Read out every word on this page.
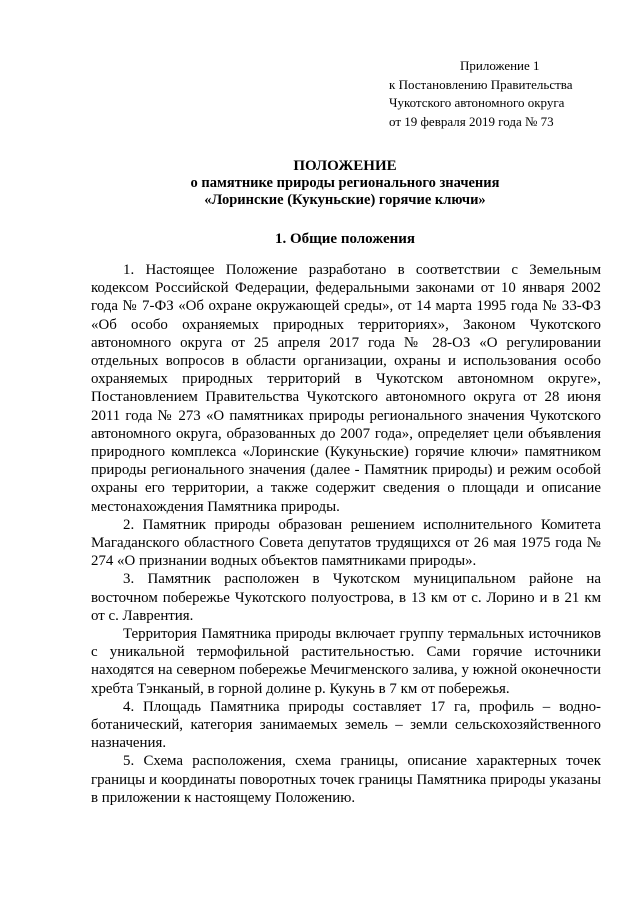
Приложение 1
к Постановлению Правительства
Чукотского автономного округа
от 19 февраля 2019 года № 73
ПОЛОЖЕНИЕ
о памятнике природы регионального значения
«Лоринские (Кукуньские) горячие ключи»
1. Общие положения

1. Настоящее Положение разработано в соответствии с Земельным кодексом Российской Федерации, федеральными законами от 10 января 2002 года № 7-ФЗ «Об охране окружающей среды», от 14 марта 1995 года № 33-ФЗ «Об особо охраняемых природных территориях», Законом Чукотского автономного округа от 25 апреля 2017 года № 28-ОЗ «О регулировании отдельных вопросов в области организации, охраны и использования особо охраняемых природных территорий в Чукотском автономном округе», Постановлением Правительства Чукотского автономного округа от 28 июня 2011 года № 273 «О памятниках природы регионального значения Чукотского автономного округа, образованных до 2007 года», определяет цели объявления природного комплекса «Лоринские (Кукуньские) горячие ключи» памятником природы регионального значения (далее - Памятник природы) и режим особой охраны его территории, а также содержит сведения о площади и описание местонахождения Памятника природы.

2. Памятник природы образован решением исполнительного Комитета Магаданского областного Совета депутатов трудящихся от 26 мая 1975 года № 274 «О признании водных объектов памятниками природы».

3. Памятник расположен в Чукотском муниципальном районе на восточном побережье Чукотского полуострова, в 13 км от с. Лорино и в 21 км от с. Лаврентия.

Территория Памятника природы включает группу термальных источников с уникальной термофильной растительностью. Сами горячие источники находятся на северном побережье Мечигменского залива, у южной оконечности хребта Тэнканый, в горной долине р. Кукунь в 7 км от побережья.

4. Площадь Памятника природы составляет 17 га, профиль – водно-ботанический, категория занимаемых земель – земли сельскохозяйственного назначения.

5. Схема расположения, схема границы, описание характерных точек границы и координаты поворотных точек границы Памятника природы указаны в приложении к настоящему Положению.
